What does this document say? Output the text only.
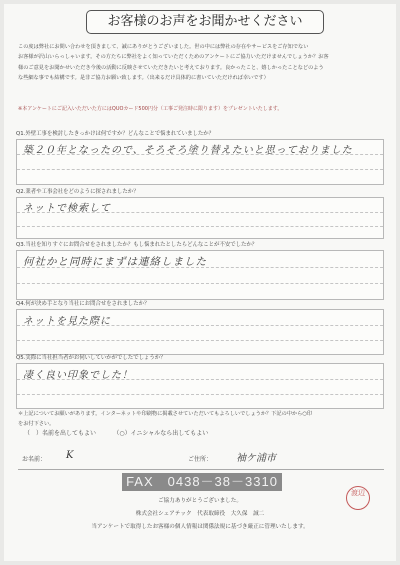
お客様のお声をお聞かせください
この度は弊社にお問い合わせを頂きまして、誠にありがとうございました。世の中には弊社の存在やサービスをご存知でない
お客様が沢山いらっしゃいます。その方たちに弊社をよく知っていただくためのアンケートにご協力いただけませんでしょうか？お客
様のご意見をお聞かせいただき今後の活動に反映させていただきたいと考えております。良かったこと、嬉しかったことなどのよう
な些細な事でも結構です。是非ご協力お願い致します。（出来るだけ具体的に書いていただければ幸いです）
※本アンケートにご記入いただいた方にはQUOカード500円分（工事ご発注時に限ります）をプレゼントいたします。
Q1.外壁工事を検討したきっかけは何ですか？どんなことで悩まれていましたか？
築２０年となったので、そろそろ塗り替えたいと思っておりました
Q2.業者や工事会社をどのように探されましたか？
ネットで検索して
Q3.当社を知りすぐにお問合せをされましたか？もし悩まれたとしたらどんなことが不安でしたか？
何社かと同時にまずは連絡しました
Q4.何が決め手となり当社にお問合せをされましたか？
ネットを見た際に
Q5.実際に当社担当者がお伺いしていかがでしたでしょうか？
凄く良い印象でした！
＊上記についてお願いがあります。インターネットや印刷物に掲載させていただいてもよろしいでしょうか？下記の中から○印
をお付下さい。
（　）名前を出してもよい	（○）イニシャルなら出してもよい
お名前： K	ご住所： 袖ケ浦市
FAX　0438－38－3310
ご協力ありがとうございました。
株式会社シェアテック　代表取締役　大久保　誠二
当アンケートで取得したお客様の個人情報は関係法規に基づき厳正に管理いたします。
渡辺
